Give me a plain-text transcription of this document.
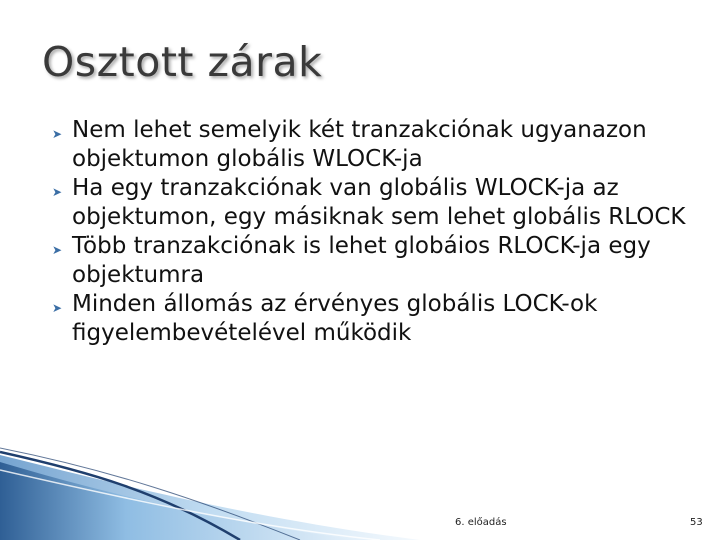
Osztott zárak
➤ Nem lehet semelyik két tranzakciónak ugyanazon objektumon globális WLOCK-ja
➤ Ha egy tranzakciónak van globális WLOCK-ja az objektumon, egy másiknak sem lehet globális RLOCK
➤ Több tranzakciónak is lehet globáios RLOCK-ja egy objektumra
➤ Minden állomás az érvényes globális LOCK-ok figyelembevételével működik
6. előadás	53
